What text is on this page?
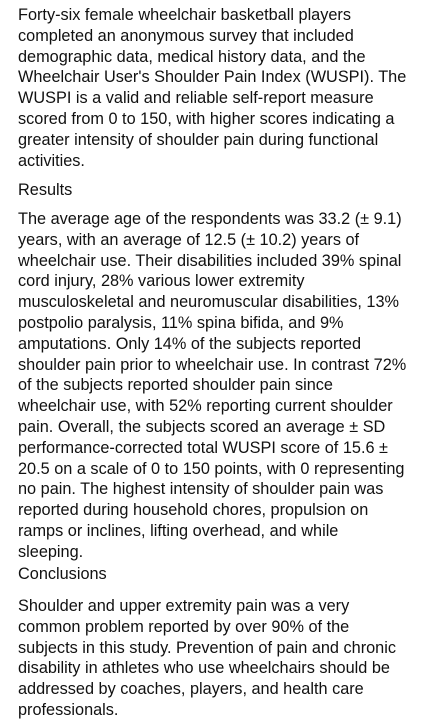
Forty-six female wheelchair basketball players
completed an anonymous survey that included
demographic data, medical history data, and the
Wheelchair User's Shoulder Pain Index (WUSPI). The
WUSPI is a valid and reliable self-report measure
scored from 0 to 150, with higher scores indicating a
greater intensity of shoulder pain during functional
activities.

Results

The average age of the respondents was 33.2 (± 9.1)
years, with an average of 12.5 (± 10.2) years of
wheelchair use. Their disabilities included 39% spinal
cord injury, 28% various lower extremity
musculoskeletal and neuromuscular disabilities, 13%
postpolio paralysis, 11% spina bifida, and 9%
amputations. Only 14% of the subjects reported
shoulder pain prior to wheelchair use. In contrast 72%
of the subjects reported shoulder pain since
wheelchair use, with 52% reporting current shoulder
pain. Overall, the subjects scored an average ± SD
performance-corrected total WUSPI score of 15.6 ±
20.5 on a scale of 0 to 150 points, with 0 representing
no pain. The highest intensity of shoulder pain was
reported during household chores, propulsion on
ramps or inclines, lifting overhead, and while
sleeping.

Conclusions

Shoulder and upper extremity pain was a very
common problem reported by over 90% of the
subjects in this study. Prevention of pain and chronic
disability in athletes who use wheelchairs should be
addressed by coaches, players, and health care
professionals.
